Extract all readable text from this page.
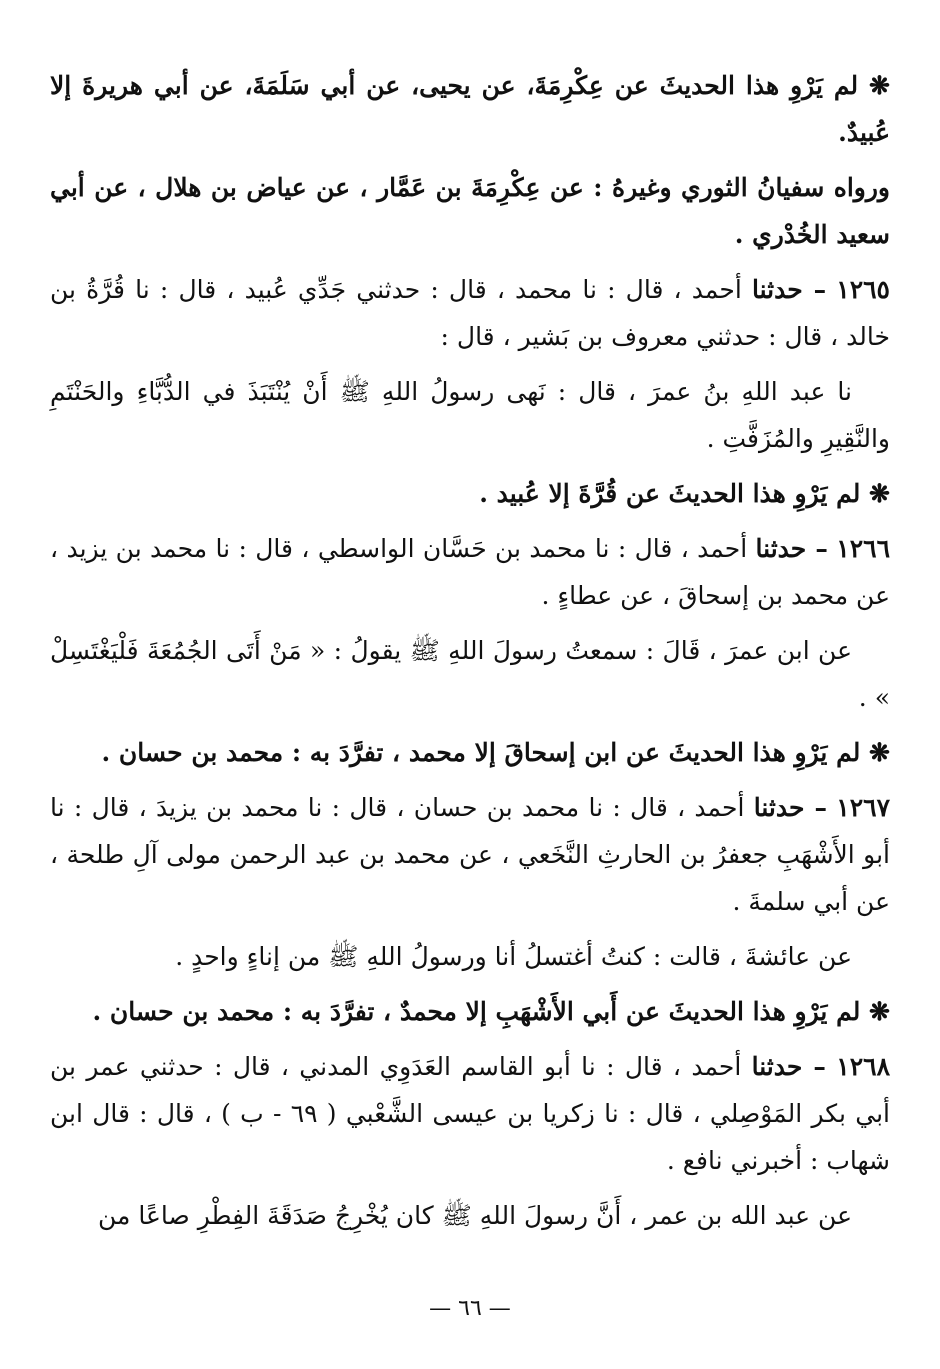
❋ لم يَرْوِ هذا الحديثَ عن عِكْرِمَةَ، عن يحيى، عن أبي سَلَمَةَ، عن أبي هريرةَ إلا عُبيدٌ.

ورواه سفيانُ الثوري وغيرهُ : عن عِكْرِمَةَ بن عَمَّار ، عن عياض بن هلال ، عن أبي سعيد الخُدْري .

١٢٦٥ – حدثنا أحمد ، قال : نا محمد ، قال : حدثني جَدِّي عُبيد ، قال : نا قُرَّةُ بن خالد ، قال : حدثني معروف بن بَشير ، قال :

نا عبد اللهِ بنُ عمرَ ، قال : نَهى رسولُ اللهِ ﷺ أَنْ يُنْتَبَذَ في الدُّبَّاءِ والحَنْتَمِ والنَّقِيرِ والمُزَفَّتِ .

❋ لم يَرْوِ هذا الحديثَ عن قُرَّةَ إلا عُبيد .

١٢٦٦ – حدثنا أحمد ، قال : نا محمد بن حَسَّان الواسطي ، قال : نا محمد بن يزيد ، عن محمد بن إسحاقَ ، عن عطاءٍ .

عن ابن عمرَ ، قَالَ : سمعتُ رسولَ اللهِ ﷺ يقولُ : « مَنْ أَتَى الجُمُعَةَ فَلْيَغْتَسِلْ » .

❋ لم يَرْوِ هذا الحديثَ عن ابن إسحاقَ إلا محمد ، تفرَّدَ به : محمد بن حسان .

١٢٦٧ – حدثنا أحمد ، قال : نا محمد بن حسان ، قال : نا محمد بن يزيدَ ، قال : نا أبو الأَشْهَبِ جعفرُ بن الحارثِ النَّخَعي ، عن محمد بن عبد الرحمن مولى آلِ طلحة ، عن أبي سلمةَ .

عن عائشةَ ، قالت : كنتُ أغتسلُ أنا ورسولُ اللهِ ﷺ من إناءٍ واحدٍ .

❋ لم يَرْوِ هذا الحديثَ عن أَبي الأَشْهَبِ إلا محمدٌ ، تفرَّدَ به : محمد بن حسان .

١٢٦٨ – حدثنا أحمد ، قال : نا أبو القاسم العَدَوِي المدني ، قال : حدثني عمر بن أبي بكر المَوْصِلي ، قال : نا زكريا بن عيسى الشَّعْبي ( ٦٩ - ب ) ، قال : قال ابن شهاب : أخبرني نافع .

عن عبد الله بن عمر ، أَنَّ رسولَ اللهِ ﷺ كان يُخْرِجُ صَدَقَةَ الفِطْرِ صاعًا من

— ٦٦ —
